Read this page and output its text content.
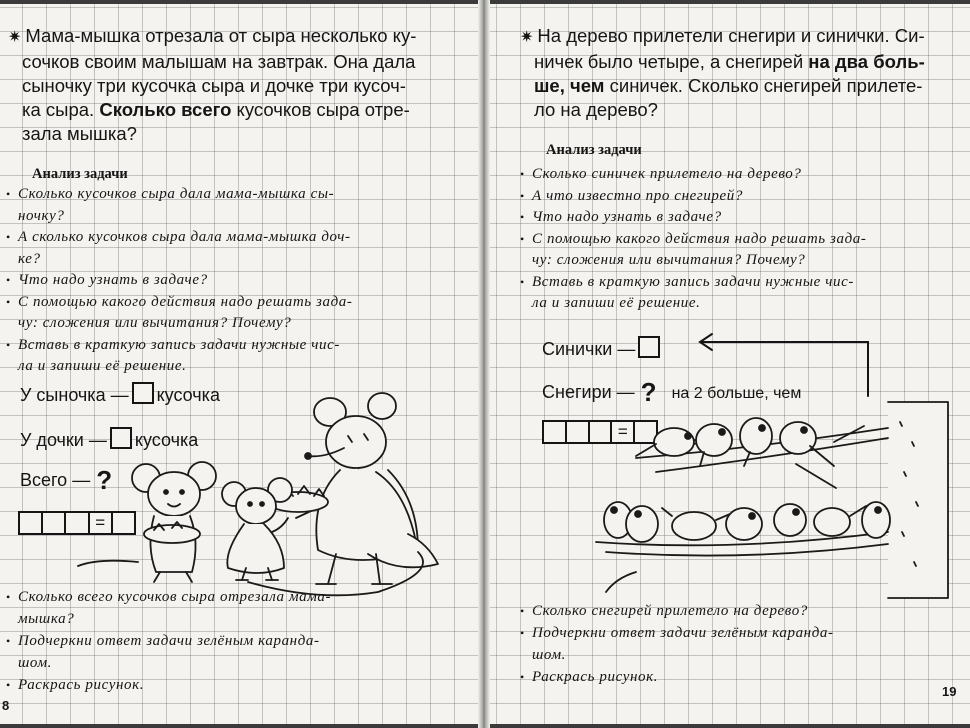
✷ Мама-мышка отрезала от сыра несколько ку-
сочков своим малышам на завтрак. Она дала
сыночку три кусочка сыра и дочке три кусоч-
ка сыра. Сколько всего кусочков сыра отре-
зала мышка?
Анализ задачи
• Сколько кусочков сыра дала мама-мышка сы-
ночку?
• А сколько кусочков сыра дала мама-мышка доч-
ке?
• Что надо узнать в задаче?
• С помощью какого действия надо решать зада-
чу: сложения или вычитания? Почему?
• Вставь в краткую запись задачи нужные чис-
ла и запиши её решение.
У сыночка — кусочка
У дочки — кусочка
Всего — ?
=
• Сколько всего кусочков сыра отрезала мама-
мышка?
• Подчеркни ответ задачи зелёным каранда-
шом.
• Раскрась рисунок.
8
✷ На дерево прилетели снегири и синички. Си-
ничек было четыре, а снегирей на два боль-
ше, чем синичек. Сколько снегирей прилете-
ло на дерево?
Анализ задачи
• Сколько синичек прилетело на дерево?
• А что известно про снегирей?
• Что надо узнать в задаче?
• С помощью какого действия надо решать зада-
чу: сложения или вычитания? Почему?
• Вставь в краткую запись задачи нужные чис-
ла и запиши её решение.
Синички —
Снегири — ? на 2 больше, чем
=
• Сколько снегирей прилетело на дерево?
• Подчеркни ответ задачи зелёным каранда-
шом.
• Раскрась рисунок.
19
